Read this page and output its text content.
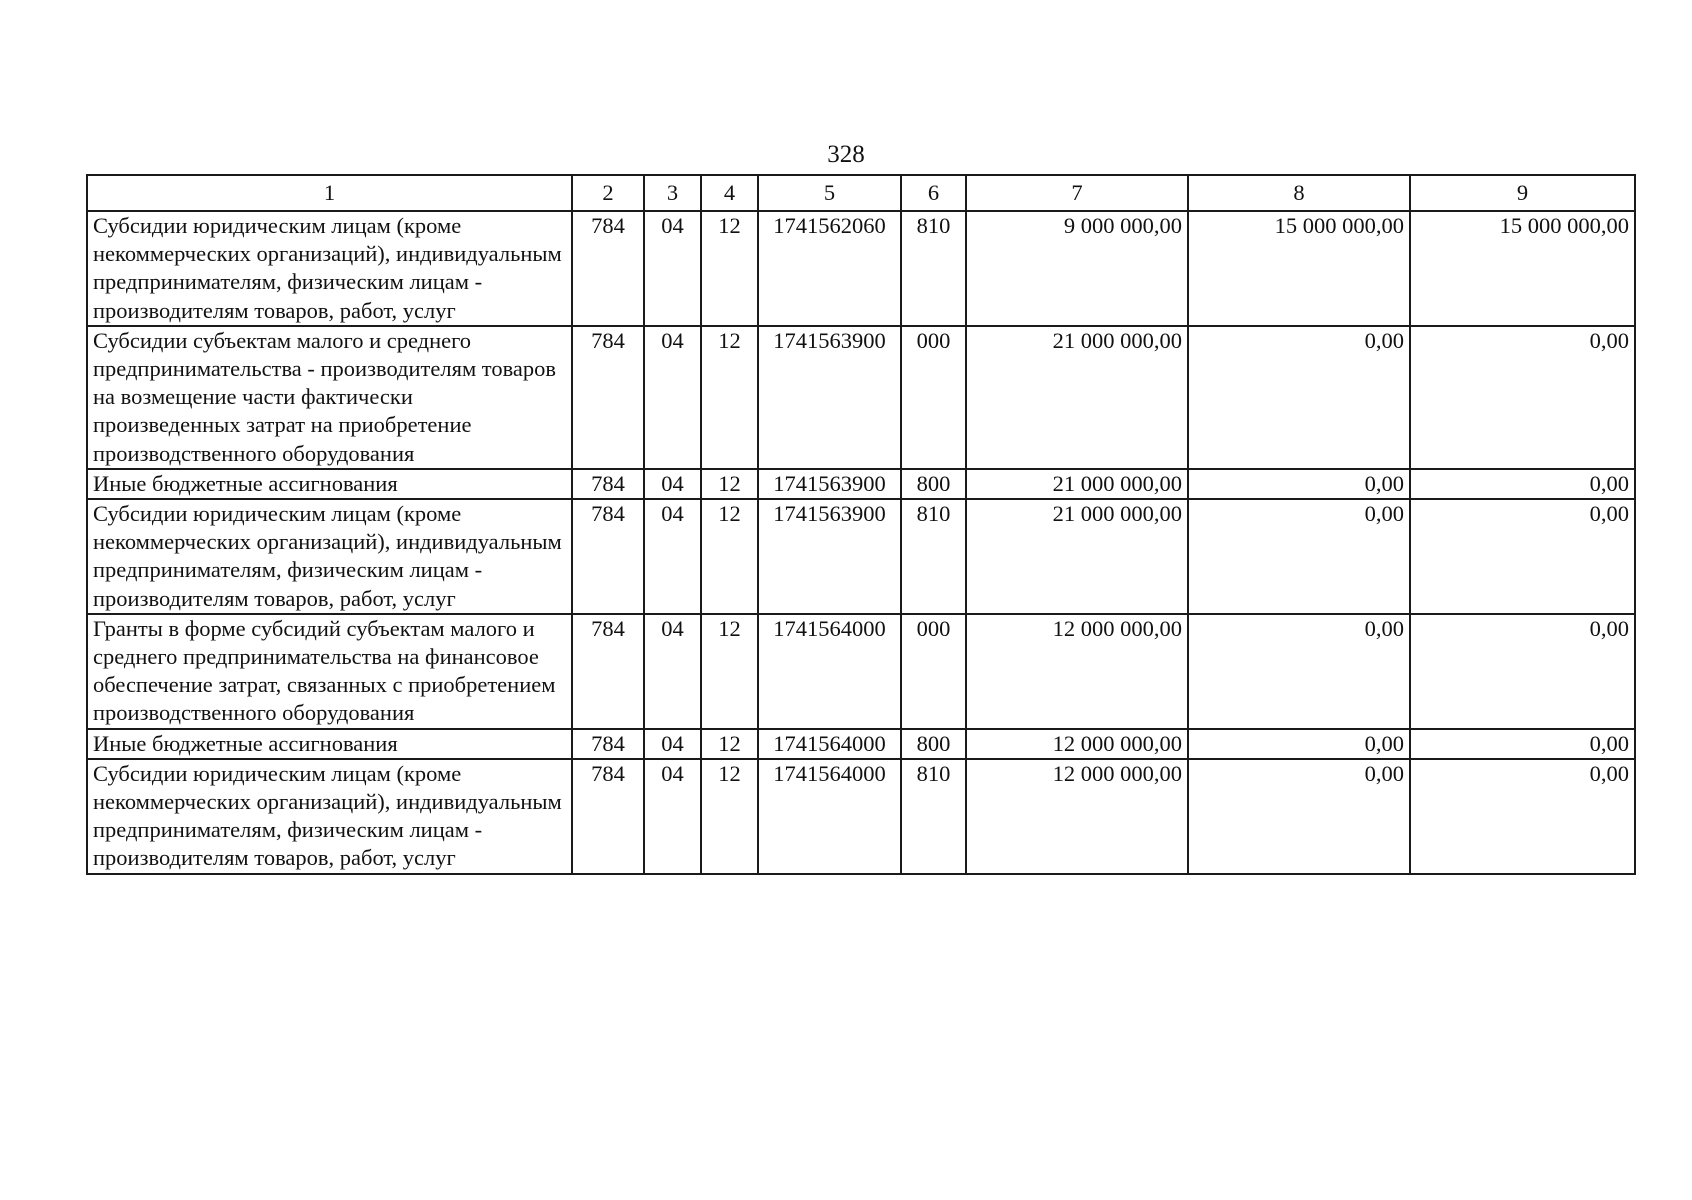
328
1	2	3	4	5	6	7	8	9
Субсидии юридическим лицам (кроме некоммерческих организаций), индивидуальным предпринимателям, физическим лицам - производителям товаров, работ, услуг	784	04	12	1741562060	810	9 000 000,00	15 000 000,00	15 000 000,00
Субсидии субъектам малого и среднего предпринимательства - производителям товаров на возмещение части фактически произведенных затрат на приобретение производственного оборудования	784	04	12	1741563900	000	21 000 000,00	0,00	0,00
Иные бюджетные ассигнования	784	04	12	1741563900	800	21 000 000,00	0,00	0,00
Субсидии юридическим лицам (кроме некоммерческих организаций), индивидуальным предпринимателям, физическим лицам - производителям товаров, работ, услуг	784	04	12	1741563900	810	21 000 000,00	0,00	0,00
Гранты в форме субсидий субъектам малого и среднего предпринимательства на финансовое обеспечение затрат, связанных с приобретением производственного оборудования	784	04	12	1741564000	000	12 000 000,00	0,00	0,00
Иные бюджетные ассигнования	784	04	12	1741564000	800	12 000 000,00	0,00	0,00
Субсидии юридическим лицам (кроме некоммерческих организаций), индивидуальным предпринимателям, физическим лицам - производителям товаров, работ, услуг	784	04	12	1741564000	810	12 000 000,00	0,00	0,00
